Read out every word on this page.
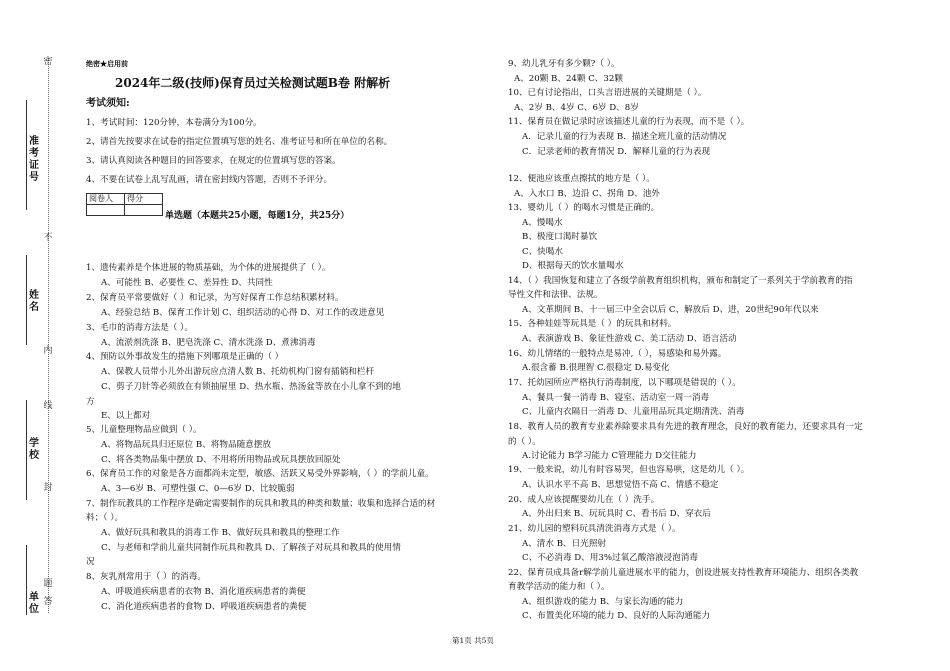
密
不
内
线
封
题
答
准考证号
姓名
学校
单位
绝密★启用前
2024年二级(技师)保育员过关检测试题B卷 附解析
考试须知:
1、考试时间：120分钟，本卷满分为100分。
2、请首先按要求在试卷的指定位置填写您的姓名、准考证号和所在单位的名称。
3、请认真阅读各种题目的回答要求，在规定的位置填写您的答案。
4、不要在试卷上乱写乱画，请在密封线内答题，否则不予评分。
阅卷人	得分

单选题（本题共25小题，每题1分，共25分）
1、遗传素养是个体进展的物质基础，为个体的进展提供了（ ）。
A、可能性 B、必要性 C、差异性 D、共同性
2、保育员平常要做好（ ）和记录，为写好保育工作总结积累材料。
A、经验总结 B、保育工作计划 C、组织活动的心得 D、对工作的改进意见
3、毛巾的消毒方法是（ ）。
A、流淤剂洗涤 B、肥皂洗涤 C、清水洗涤 D、煮沸消毒
4、预防以外事故发生的措施下列哪项是正确的（ ）
A、保教人员带小儿外出游玩应点清人数 B、托幼机构门窗有插销和栏杆
C、剪子刀针等必须放在有锁抽屉里 D、热水瓶、热汤盆等放在小儿拿不到的地
方
E、以上都对
5、儿童整理物品应做到（ ）。
A、将物品玩具归还原位 B、将物品随意摆放
C、将各类物品集中摆放 D、不用将所用物品或玩具摆放回原处
6、保育员工作的对象是各方面都尚未定型，敏感、活跃又易受外界影响，（ ）的学前儿童。
A、3—6岁 B、可塑性强 C、0—6岁 D、比较脆弱
7、制作玩教具的工作程序是确定需要制作的玩具和教具的种类和数量；收集和选择合适的材
料；（ ）。
A、做好玩具和教具的消毒工作 B、做好玩具和教具的整理工作
C、与老师和学前儿童共同制作玩具和教具 D、了解孩子对玩具和教具的使用情
况
8、灰乳剂常用于（ ）的消毒。
A、呼吸道疾病患者的衣物 B、消化道疾病患者的粪便
C、消化道疾病患者的食物 D、呼吸道疾病患者的粪便
9、幼儿乳牙有多少颗?（ ）。
A、20颗 B、24颗 C、32颗
10、已有讨论指出，口头言语进展的关键期是（ ）。
A、2岁 B、4岁 C、6岁 D、8岁
11、保育员在做记录时应该描述儿童的行为表现，而不是（ ）。
A．记录儿童的行为表现 B．描述全班儿童的活动情况
C．记录老师的教育情况 D．解释儿童的行为表现
12、便池应该重点擦拭的地方是（ ）。
A、入水口 B、边沿 C、拐角 D、池外
13、婴幼儿（ ）的喝水习惯是正确的。
A、慢喝水
B、极度口渴时暴饮
C、快喝水
D、根据每天的饮水量喝水
14、（ ）我国恢复和建立了各级学前教育组织机构，颁布和制定了一系列关于学前教育的指
导性文件和法律、法规。
A、文革期间 B、十一届三中全会以后 C、解放后 D、进，20世纪90年代以来
15、各种娃娃等玩具是（ ）的玩具和材料。
A、表演游戏 B、象征性游戏 C、美工活动 D、语言活动
16、幼儿情绪的一般特点是易冲,（ ），易感染和易外露。
A.很含蓄 B.很理智 C.很稳定 D.易变化
17、托幼园所应严格执行消毒制度，以下哪项是错误的（ ）。
A、餐具一餐一消毒 B、寝室、活动室一周一消毒
C、儿童内衣隔日一消毒 D、儿童用品玩具定期清洗、消毒
18、教育人员的教育专业素养除要求具有先进的教育理念，良好的教育能力，还要求具有一定
的（ ）。
A.讨论能力 B学习能力 C管理能力 D交往能力
19、一般来说，幼儿有时容易哭，但也容易哄，这是幼儿（ ）。
A、认识水平不高 B、思想觉悟不高 C、情感不稳定
20、成人应该提醒要幼儿在（ ）洗手。
A、外出归来 B、玩玩具时 C、看书后 D、穿衣后
21、幼儿园的塑料玩具清洗消毒方式是（ ）。
A、清水 B、日光照射
C、不必消毒 D、用3%过氧乙酸溶液浸泡消毒
22、保育员成具备r解学前儿童进展水平的能力，创设进展支持性教育环境能力、组织各类教
育教学活动的能力和（ ）。
A、组织游戏的能力 B、与家长沟通的能力
C、布置美化环境的能力 D、良好的人际沟通能力
第1页 共5页
